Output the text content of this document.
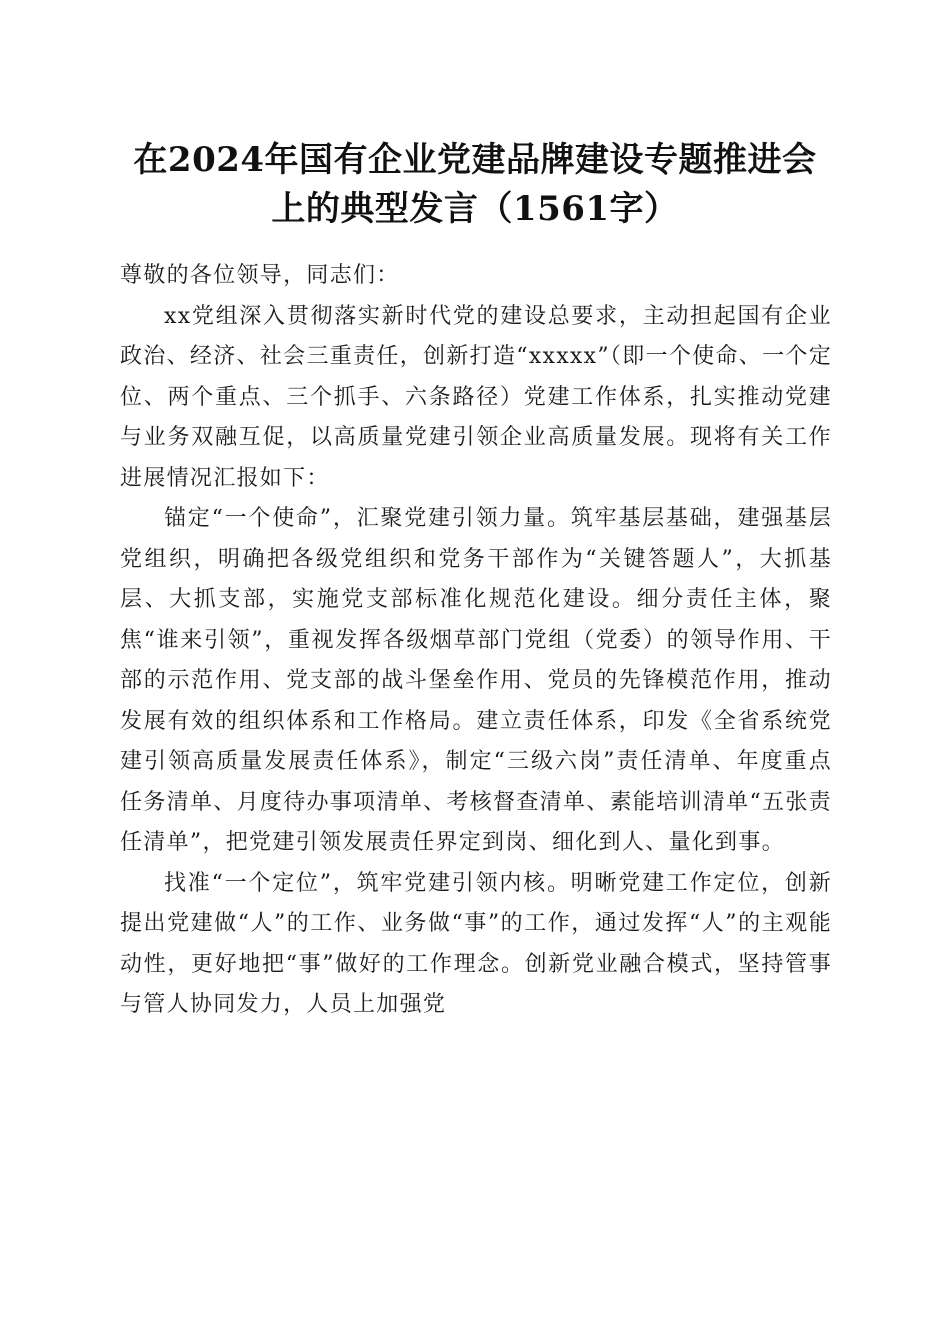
在2024年国有企业党建品牌建设专题推进会
上的典型发言（1561字）

尊敬的各位领导，同志们：

xx党组深入贯彻落实新时代党的建设总要求，主动担起国有企业政治、经济、社会三重责任，创新打造“xxxxx”（即一个使命、一个定位、两个重点、三个抓手、六条路径）党建工作体系，扎实推动党建与业务双融互促，以高质量党建引领企业高质量发展。现将有关工作进展情况汇报如下：

锚定“一个使命”，汇聚党建引领力量。筑牢基层基础，建强基层党组织，明确把各级党组织和党务干部作为“关键答题人”，大抓基层、大抓支部，实施党支部标准化规范化建设。细分责任主体，聚焦“谁来引领”，重视发挥各级烟草部门党组（党委）的领导作用、干部的示范作用、党支部的战斗堡垒作用、党员的先锋模范作用，推动发展有效的组织体系和工作格局。建立责任体系，印发《全省系统党建引领高质量发展责任体系》，制定“三级六岗”责任清单、年度重点任务清单、月度待办事项清单、考核督查清单、素能培训清单“五张责任清单”，把党建引领发展责任界定到岗、细化到人、量化到事。

找准“一个定位”，筑牢党建引领内核。明晰党建工作定位，创新提出党建做“人”的工作、业务做“事”的工作，通过发挥“人”的主观能动性，更好地把“事”做好的工作理念。创新党业融合模式，坚持管事与管人协同发力，人员上加强党
